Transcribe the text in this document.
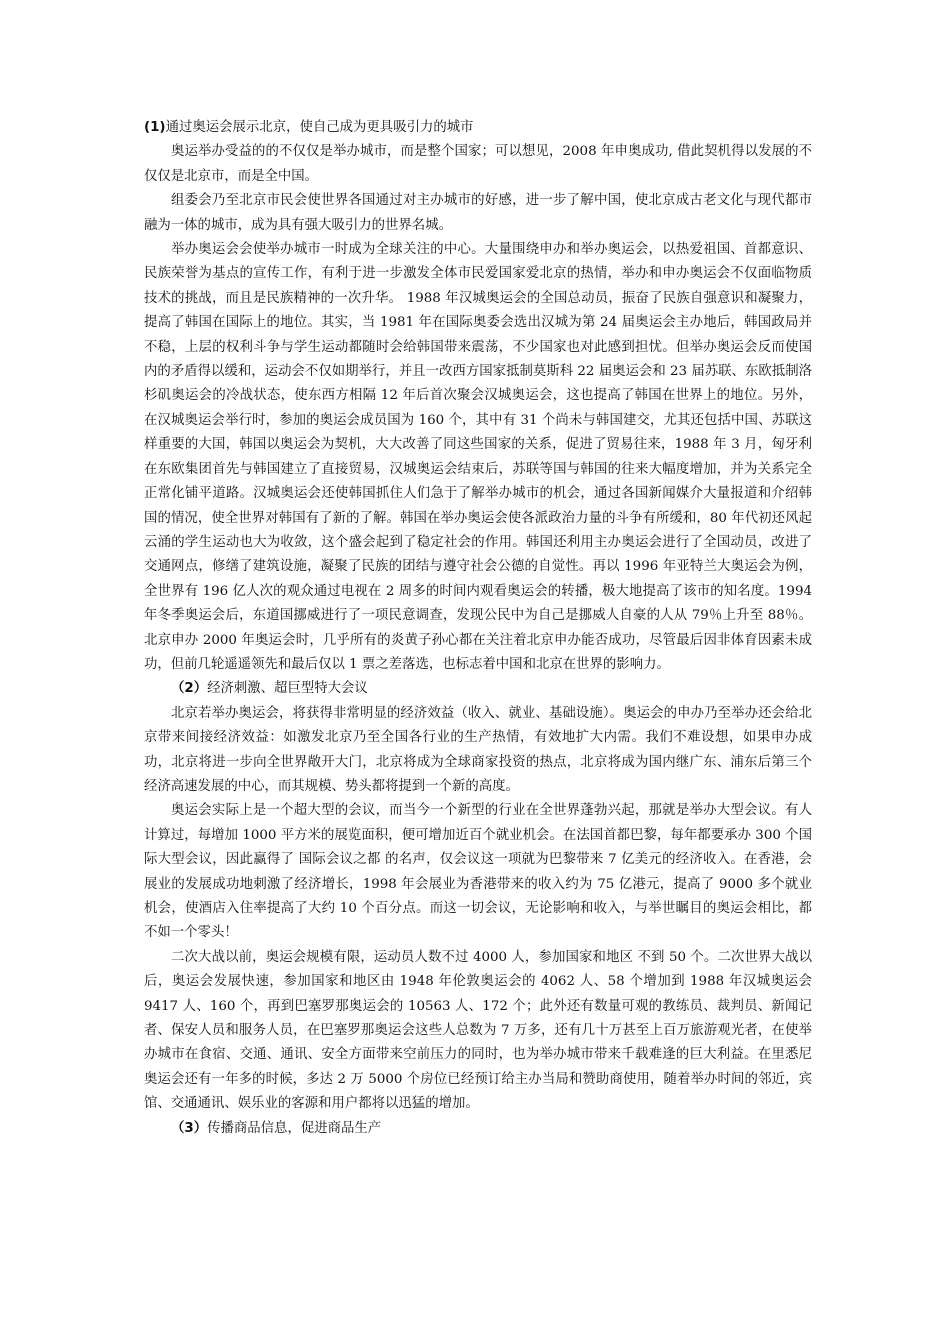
(1)通过奥运会展示北京，使自己成为更具吸引力的城市

奥运举办受益的的不仅仅是举办城市，而是整个国家；可以想见，2008 年申奥成功, 借此契机得以发展的不仅仅是北京市，而是全中国。

组委会乃至北京市民会使世界各国通过对主办城市的好感，进一步了解中国，使北京成古老文化与现代都市融为一体的城市，成为具有强大吸引力的世界名城。

举办奥运会会使举办城市一时成为全球关注的中心。大量围绕申办和举办奥运会，以热爱祖国、首都意识、民族荣誉为基点的宣传工作，有利于进一步激发全体市民爱国家爱北京的热情，举办和申办奥运会不仅面临物质技术的挑战，而且是民族精神的一次升华。 1988 年汉城奥运会的全国总动员，振奋了民族自强意识和凝聚力，提高了韩国在国际上的地位。其实，当 1981 年在国际奥委会选出汉城为第 24 届奥运会主办地后，韩国政局并不稳，上层的权利斗争与学生运动都随时会给韩国带来震荡，不少国家也对此感到担忧。但举办奥运会反而使国内的矛盾得以缓和，运动会不仅如期举行，并且一改西方国家抵制莫斯科 22 届奥运会和 23 届苏联、东欧抵制洛杉矶奥运会的冷战状态，使东西方相隔 12 年后首次聚会汉城奥运会，这也提高了韩国在世界上的地位。另外，在汉城奥运会举行时，参加的奥运会成员国为 160 个，其中有 31 个尚未与韩国建交，尤其还包括中国、苏联这样重要的大国，韩国以奥运会为契机，大大改善了同这些国家的关系，促进了贸易往来，1988 年 3 月，匈牙利在东欧集团首先与韩国建立了直接贸易，汉城奥运会结束后，苏联等国与韩国的往来大幅度增加，并为关系完全正常化铺平道路。汉城奥运会还使韩国抓住人们急于了解举办城市的机会，通过各国新闻媒介大量报道和介绍韩国的情况，使全世界对韩国有了新的了解。韩国在举办奥运会使各派政治力量的斗争有所缓和，80 年代初还风起云涌的学生运动也大为收敛，这个盛会起到了稳定社会的作用。韩国还利用主办奥运会进行了全国动员，改进了交通网点，修缮了建筑设施，凝聚了民族的团结与遵守社会公德的自觉性。再以 1996 年亚特兰大奥运会为例，全世界有 196 亿人次的观众通过电视在 2 周多的时间内观看奥运会的转播，极大地提高了该市的知名度。1994 年冬季奥运会后，东道国挪威进行了一项民意调查，发现公民中为自己是挪威人自豪的人从 79％上升至 88％。北京申办 2000 年奥运会时，几乎所有的炎黄子孙心都在关注着北京申办能否成功，尽管最后因非体育因素未成功，但前几轮遥遥领先和最后仅以 1 票之差落选，也标志着中国和北京在世界的影响力。

（2）经济刺激、超巨型特大会议

北京若举办奥运会，将获得非常明显的经济效益（收入、就业、基础设施）。奥运会的申办乃至举办还会给北京带来间接经济效益：如激发北京乃至全国各行业的生产热情，有效地扩大内需。我们不难设想，如果申办成功，北京将进一步向全世界敞开大门，北京将成为全球商家投资的热点，北京将成为国内继广东、浦东后第三个经济高速发展的中心，而其规模、势头都将提到一个新的高度。

奥运会实际上是一个超大型的会议，而当今一个新型的行业在全世界蓬勃兴起，那就是举办大型会议。有人计算过，每增加 1000 平方米的展览面积，便可增加近百个就业机会。在法国首都巴黎，每年都要承办 300 个国际大型会议，因此赢得了 国际会议之都 的名声，仅会议这一项就为巴黎带来 7 亿美元的经济收入。在香港，会展业的发展成功地刺激了经济增长，1998 年会展业为香港带来的收入约为 75 亿港元，提高了 9000 多个就业机会，使酒店入住率提高了大约 10 个百分点。而这一切会议，无论影响和收入，与举世瞩目的奥运会相比，都不如一个零头！

二次大战以前，奥运会规模有限，运动员人数不过 4000 人，参加国家和地区 不到 50 个。二次世界大战以后，奥运会发展快速，参加国家和地区由 1948 年伦敦奥运会的 4062 人、58 个增加到 1988 年汉城奥运会 9417 人、160 个，再到巴塞罗那奥运会的 10563 人、172 个；此外还有数量可观的教练员、裁判员、新闻记者、保安人员和服务人员，在巴塞罗那奥运会这些人总数为 7 万多，还有几十万甚至上百万旅游观光者，在使举办城市在食宿、交通、通讯、安全方面带来空前压力的同时，也为举办城市带来千载难逢的巨大利益。在里悉尼奥运会还有一年多的时候，多达 2 万 5000 个房位已经预订给主办当局和赞助商使用，随着举办时间的邻近，宾馆、交通通讯、娱乐业的客源和用户都将以迅猛的增加。

（3）传播商品信息，促进商品生产
